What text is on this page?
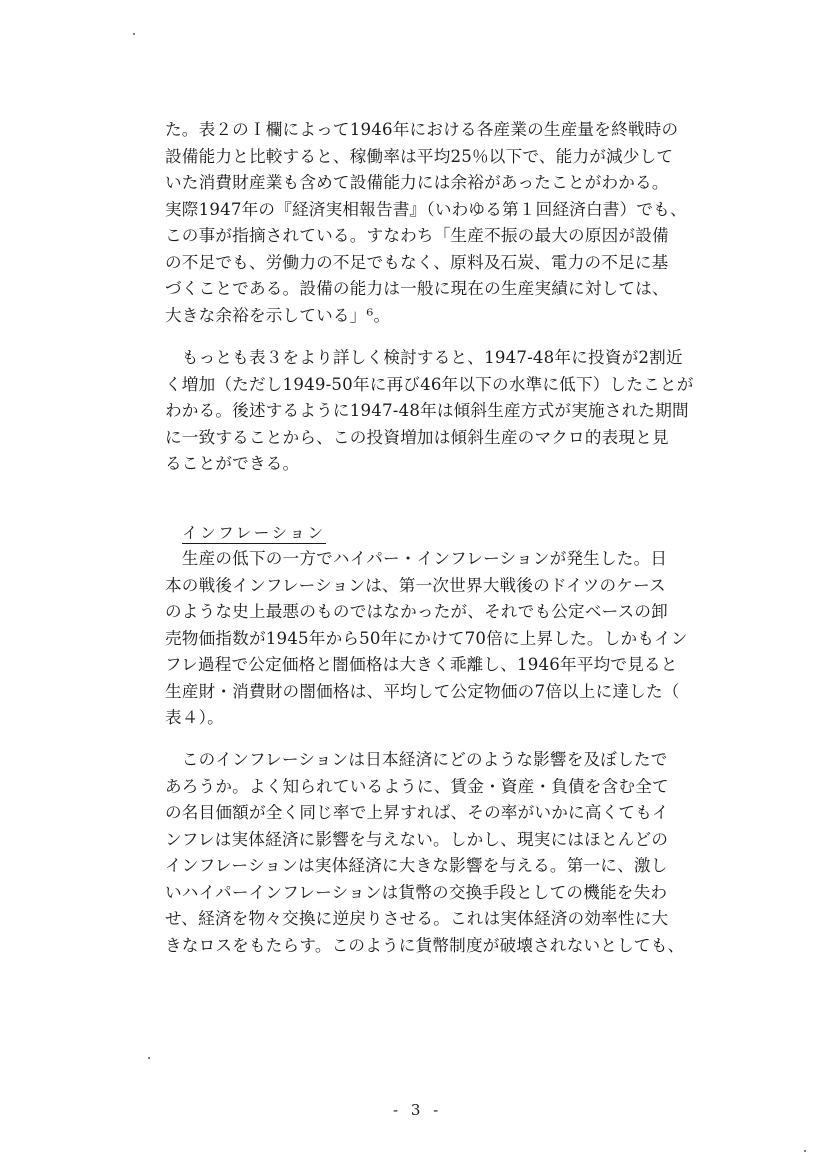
た。表２のＩ欄によって1946年における各産業の生産量を終戦時の
設備能力と比較すると、稼働率は平均25％以下で、能力が減少して
いた消費財産業も含めて設備能力には余裕があったことがわかる。
実際1947年の『経済実相報告書』（いわゆる第１回経済白書）でも、
この事が指摘されている。すなわち「生産不振の最大の原因が設備
の不足でも、労働力の不足でもなく、原料及石炭、電力の不足に基
づくことである。設備の能力は一般に現在の生産実績に対しては、
大きな余裕を示している」⁶。
　もっとも表３をより詳しく検討すると、1947-48年に投資が2割近
く増加（ただし1949-50年に再び46年以下の水準に低下）したことが
わかる。後述するように1947-48年は傾斜生産方式が実施された期間
に一致することから、この投資増加は傾斜生産のマクロ的表現と見
ることができる。
インフレーション
　生産の低下の一方でハイパー・インフレーションが発生した。日
本の戦後インフレーションは、第一次世界大戦後のドイツのケース
のような史上最悪のものではなかったが、それでも公定ベースの卸
売物価指数が1945年から50年にかけて70倍に上昇した。しかもイン
フレ過程で公定価格と闇価格は大きく乖離し、1946年平均で見ると
生産財・消費財の闇価格は、平均して公定物価の7倍以上に達した（
表４）。
　このインフレーションは日本経済にどのような影響を及ぼしたで
あろうか。よく知られているように、賃金・資産・負債を含む全て
の名目価額が全く同じ率で上昇すれば、その率がいかに高くてもイ
ンフレは実体経済に影響を与えない。しかし、現実にはほとんどの
インフレーションは実体経済に大きな影響を与える。第一に、激し
いハイパーインフレーションは貨幣の交換手段としての機能を失わ
せ、経済を物々交換に逆戻りさせる。これは実体経済の効率性に大
きなロスをもたらす。このように貨幣制度が破壊されないとしても、
- 3 -
